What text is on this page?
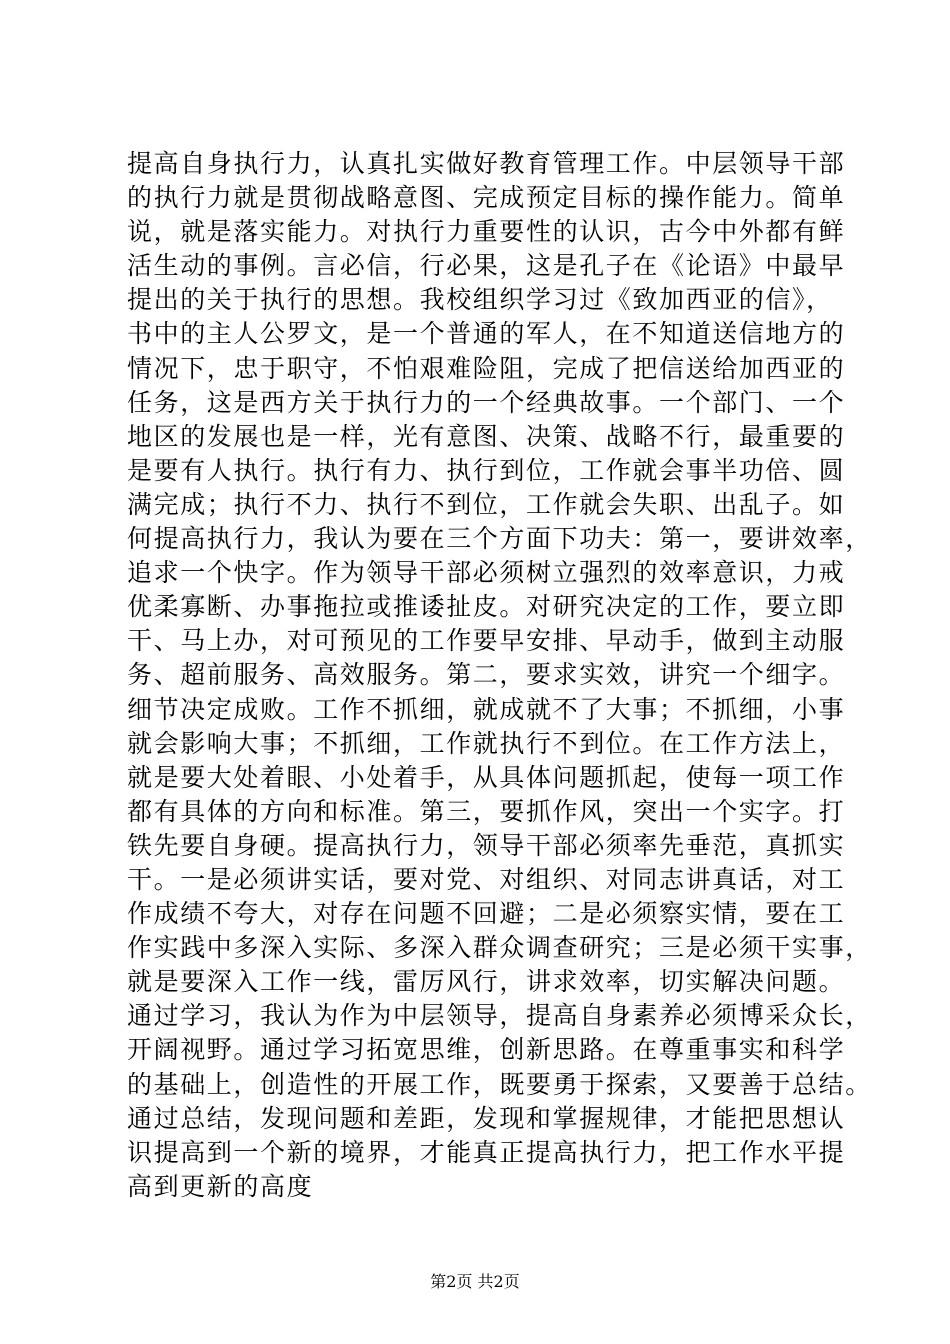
提高自身执行力，认真扎实做好教育管理工作。中层领导干部
的执行力就是贯彻战略意图、完成预定目标的操作能力。简单
说，就是落实能力。对执行力重要性的认识，古今中外都有鲜
活生动的事例。言必信，行必果，这是孔子在《论语》中最早
提出的关于执行的思想。我校组织学习过《致加西亚的信》，
书中的主人公罗文，是一个普通的军人，在不知道送信地方的
情况下，忠于职守，不怕艰难险阻，完成了把信送给加西亚的
任务，这是西方关于执行力的一个经典故事。一个部门、一个
地区的发展也是一样，光有意图、决策、战略不行，最重要的
是要有人执行。执行有力、执行到位，工作就会事半功倍、圆
满完成；执行不力、执行不到位，工作就会失职、出乱子。如
何提高执行力，我认为要在三个方面下功夫：第一，要讲效率，
追求一个快字。作为领导干部必须树立强烈的效率意识，力戒
优柔寡断、办事拖拉或推诿扯皮。对研究决定的工作，要立即
干、马上办，对可预见的工作要早安排、早动手，做到主动服
务、超前服务、高效服务。第二，要求实效，讲究一个细字。
细节决定成败。工作不抓细，就成就不了大事；不抓细，小事
就会影响大事；不抓细，工作就执行不到位。在工作方法上，
就是要大处着眼、小处着手，从具体问题抓起，使每一项工作
都有具体的方向和标准。第三，要抓作风，突出一个实字。打
铁先要自身硬。提高执行力，领导干部必须率先垂范，真抓实
干。一是必须讲实话，要对党、对组织、对同志讲真话，对工
作成绩不夸大，对存在问题不回避；二是必须察实情，要在工
作实践中多深入实际、多深入群众调查研究；三是必须干实事，
就是要深入工作一线，雷厉风行，讲求效率，切实解决问题。
通过学习，我认为作为中层领导，提高自身素养必须博采众长，
开阔视野。通过学习拓宽思维，创新思路。在尊重事实和科学
的基础上，创造性的开展工作，既要勇于探索，又要善于总结。
通过总结，发现问题和差距，发现和掌握规律，才能把思想认
识提高到一个新的境界，才能真正提高执行力，把工作水平提
高到更新的高度
第2页 共2页
